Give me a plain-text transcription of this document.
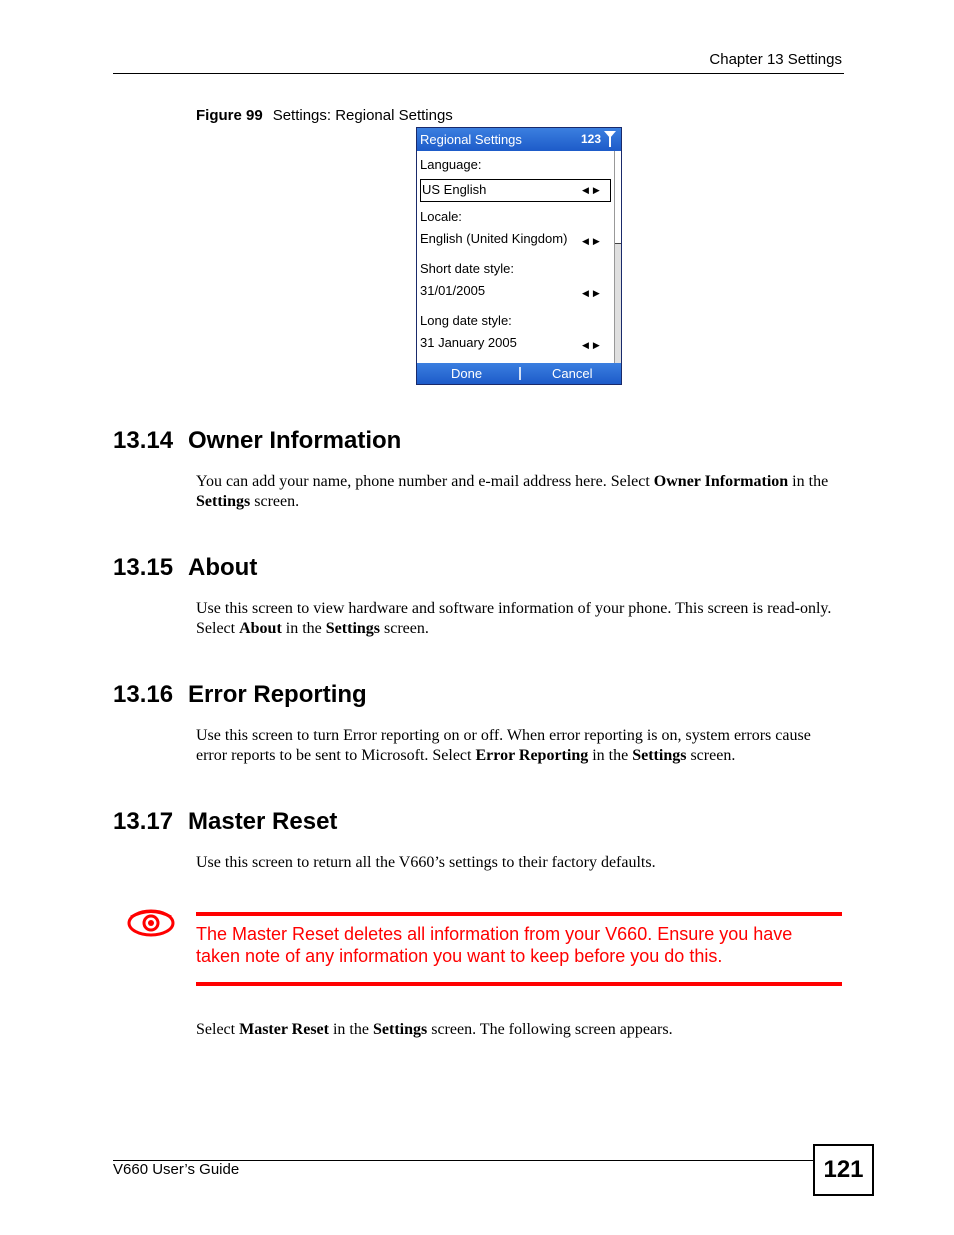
Chapter 13 Settings
Figure 99 Settings: Regional Settings
Regional Settings	123
Language:
US English	◀▶
Locale:
English (United Kingdom) ◀▶
Short date style:
31/01/2005	◀▶
Long date style:
31 January 2005	◀▶
Done	Cancel
13.14 Owner Information
You can add your name, phone number and e-mail address here. Select Owner Information in the Settings screen.
13.15 About
Use this screen to view hardware and software information of your phone. This screen is read-only. Select About in the Settings screen.
13.16 Error Reporting
Use this screen to turn Error reporting on or off. When error reporting is on, system errors cause error reports to be sent to Microsoft. Select Error Reporting in the Settings screen.
13.17 Master Reset
Use this screen to return all the V660’s settings to their factory defaults.
The Master Reset deletes all information from your V660. Ensure you have
taken note of any information you want to keep before you do this.
Select Master Reset in the Settings screen. The following screen appears.
V660 User’s Guide	121
